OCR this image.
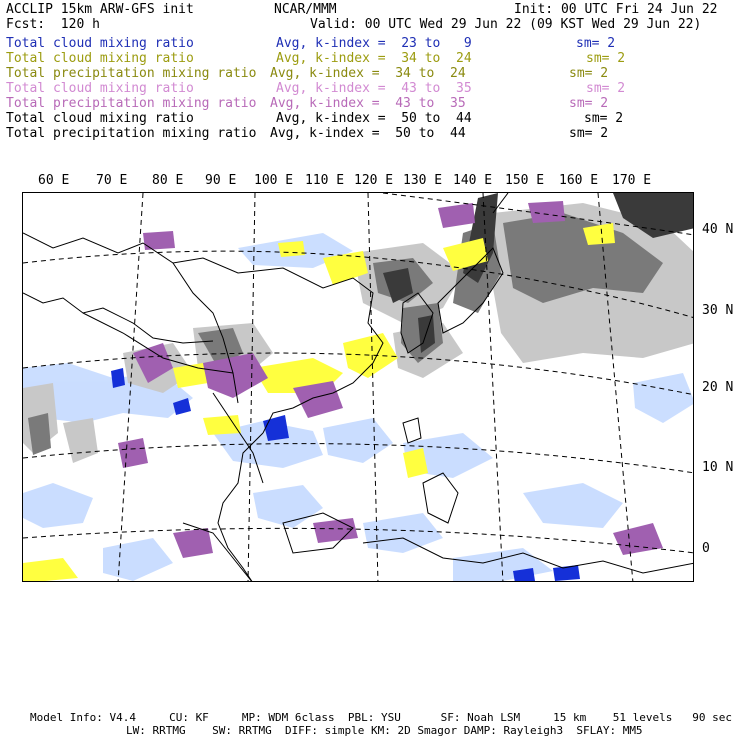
ACCLIP 15km ARW-GFS init	NCAR/MMM	Init: 00 UTC Fri 24 Jun 22
Fcst:  120 h	Valid: 00 UTC Wed 29 Jun 22 (09 KST Wed 29 Jun 22)
Total cloud mixing ratio	Avg, k-index =  23 to   9	sm= 2
Total cloud mixing ratio	Avg, k-index =  34 to  24	sm= 2
Total precipitation mixing ratio Avg, k-index =  34 to  24	sm= 2
Total cloud mixing ratio	Avg, k-index =  43 to  35	sm= 2
Total precipitation mixing ratio Avg, k-index =  43 to  35	sm= 2
Total cloud mixing ratio	Avg, k-index =  50 to  44	sm= 2
Total precipitation mixing ratio Avg, k-index =  50 to  44	sm= 2
60 E 70 E 80 E 90 E 100 E 110 E 120 E 130 E 140 E 150 E 160 E 170 E
40 N
30 N
20 N
10 N
0
Model Info: V4.4     CU: KF     MP: WDM 6class  PBL: YSU      SF: Noah LSM     15 km    51 levels   90 sec
LW: RRTMG    SW: RRTMG  DIFF: simple KM: 2D Smagor DAMP: Rayleigh3  SFLAY: MM5
